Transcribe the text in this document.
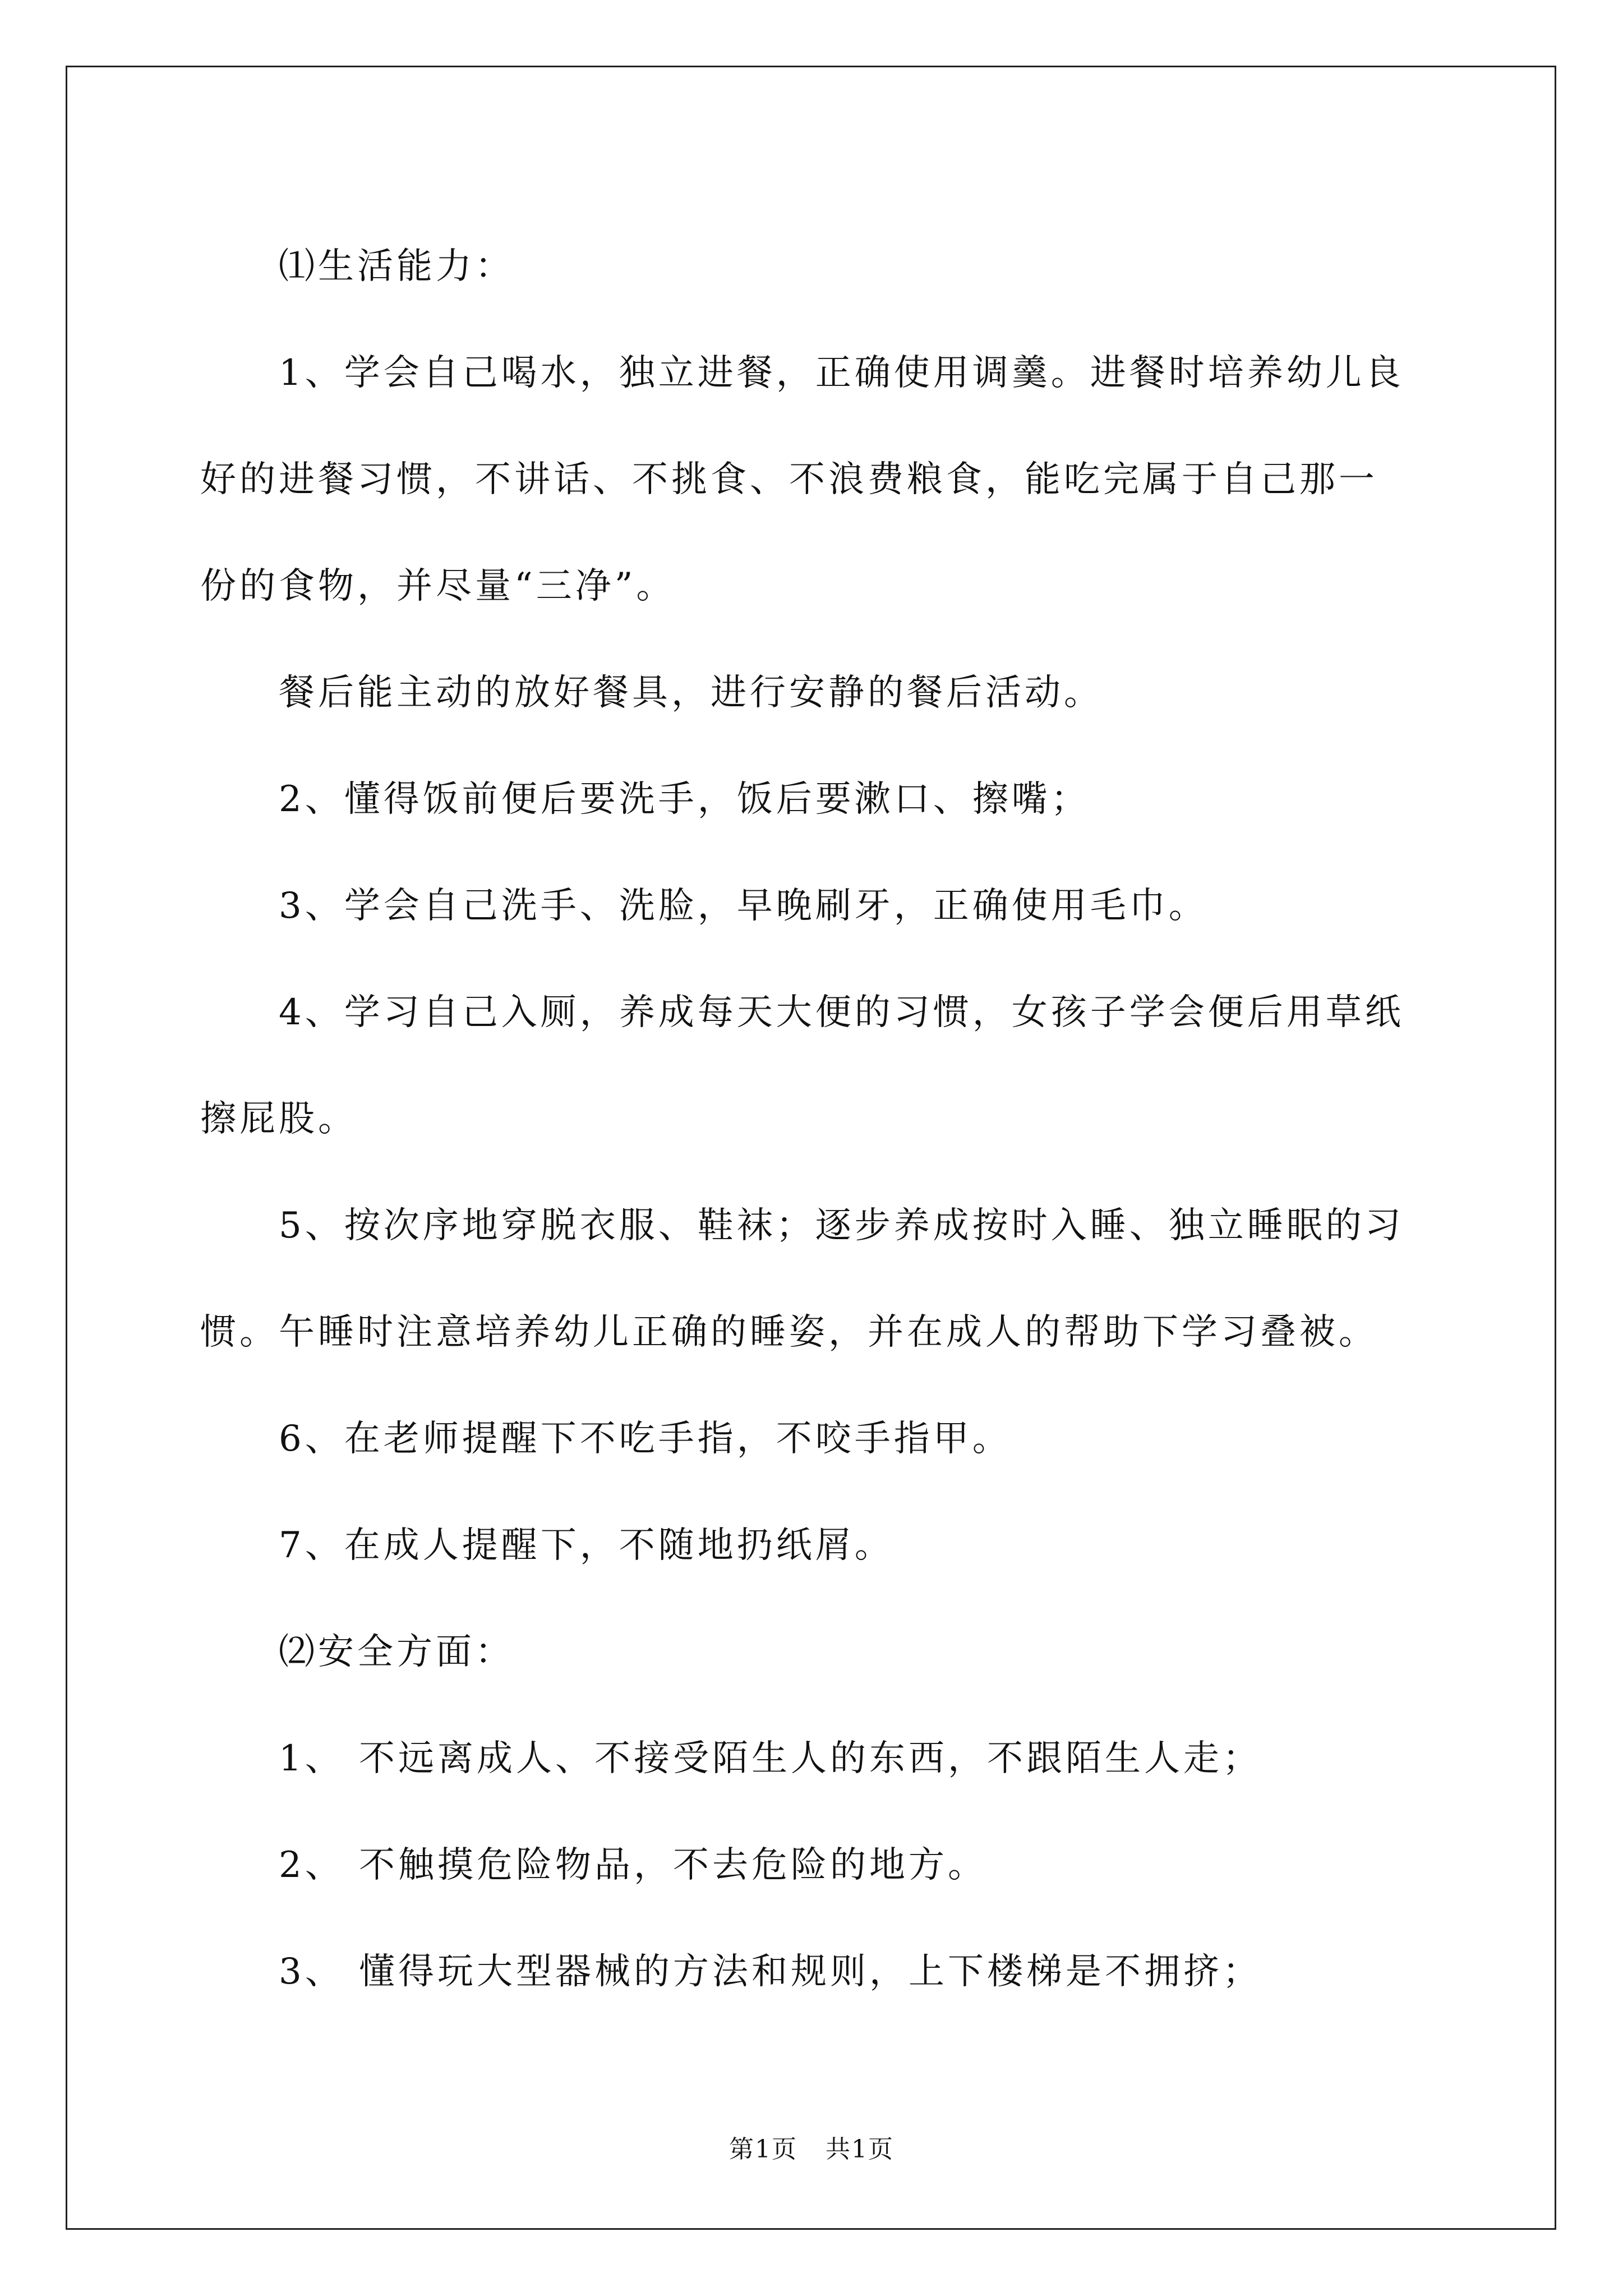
⑴生活能力：

1、学会自己喝水，独立进餐，正确使用调羹。进餐时培养幼儿良

好的进餐习惯，不讲话、不挑食、不浪费粮食，能吃完属于自己那一

份的食物，并尽量“三净”。

餐后能主动的放好餐具，进行安静的餐后活动。

2、懂得饭前便后要洗手，饭后要漱口、擦嘴；

3、学会自己洗手、洗脸，早晚刷牙，正确使用毛巾。

4、学习自己入厕，养成每天大便的习惯，女孩子学会便后用草纸

擦屁股。

5、按次序地穿脱衣服、鞋袜；逐步养成按时入睡、独立睡眠的习

惯。午睡时注意培养幼儿正确的睡姿，并在成人的帮助下学习叠被。

6、在老师提醒下不吃手指，不咬手指甲。

7、在成人提醒下，不随地扔纸屑。

⑵安全方面：

1、 不远离成人、不接受陌生人的东西，不跟陌生人走；

2、 不触摸危险物品，不去危险的地方。

3、 懂得玩大型器械的方法和规则，上下楼梯是不拥挤；

第1页 共1页
